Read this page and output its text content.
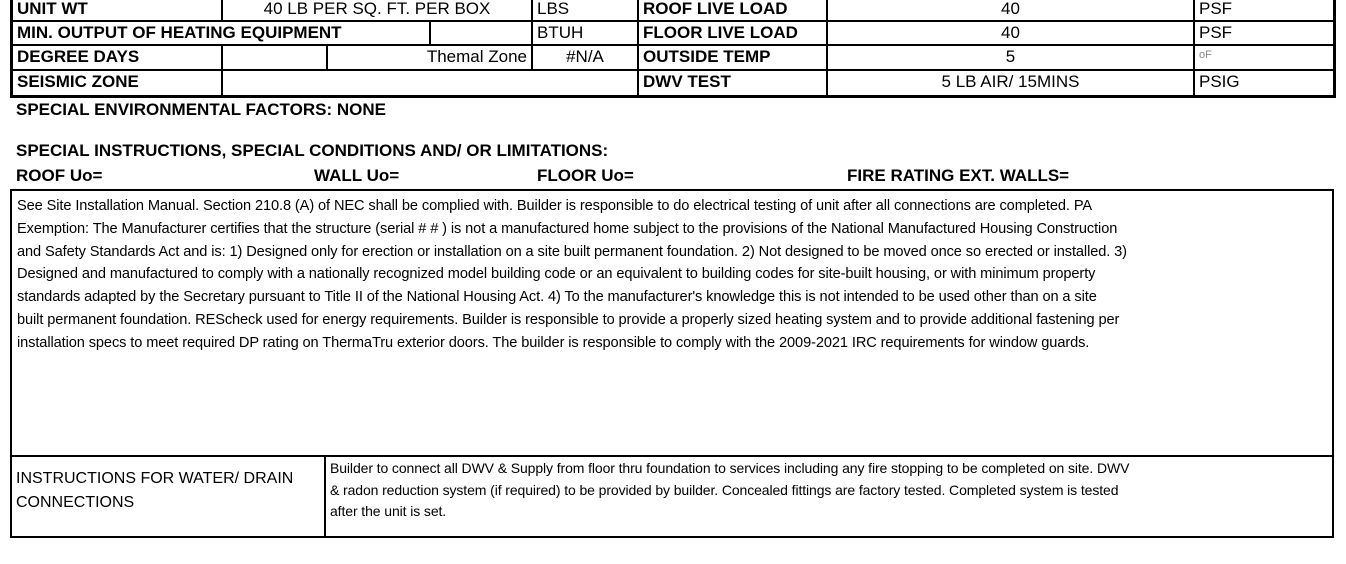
UNIT WT	40 LB PER SQ. FT. PER BOX	LBS	ROOF LIVE LOAD	40	PSF
MIN. OUTPUT OF HEATING EQUIPMENT	BTUH	FLOOR LIVE LOAD	40	PSF
DEGREE DAYS	Themal Zone	#N/A	OUTSIDE TEMP	5	oF
SEISMIC ZONE	DWV TEST	5 LB AIR/ 15MINS	PSIG
SPECIAL ENVIRONMENTAL FACTORS: NONE
SPECIAL INSTRUCTIONS, SPECIAL CONDITIONS AND/ OR LIMITATIONS:
ROOF Uo=	WALL Uo=	FLOOR Uo=	FIRE RATING EXT. WALLS=
See Site Installation Manual. Section 210.8 (A) of NEC shall be complied with. Builder is responsible to do electrical testing of unit after all connections are completed. PA
Exemption: The Manufacturer certifies that the structure (serial # # ) is not a manufactured home subject to the provisions of the National Manufactured Housing Construction
and Safety Standards Act and is: 1) Designed only for erection or installation on a site built permanent foundation. 2) Not designed to be moved once so erected or installed. 3)
Designed and manufactured to comply with a nationally recognized model building code or an equivalent to building codes for site-built housing, or with minimum property
standards adapted by the Secretary pursuant to Title II of the National Housing Act. 4) To the manufacturer's knowledge this is not intended to be used other than on a site
built permanent foundation. REScheck used for energy requirements. Builder is responsible to provide a properly sized heating system and to provide additional fastening per
installation specs to meet required DP rating on ThermaTru exterior doors. The builder is responsible to comply with the 2009-2021 IRC requirements for window guards.
INSTRUCTIONS FOR WATER/ DRAIN
CONNECTIONS
Builder to connect all DWV & Supply from floor thru foundation to services including any fire stopping to be completed on site. DWV
& radon reduction system (if required) to be provided by builder. Concealed fittings are factory tested. Completed system is tested
after the unit is set.
